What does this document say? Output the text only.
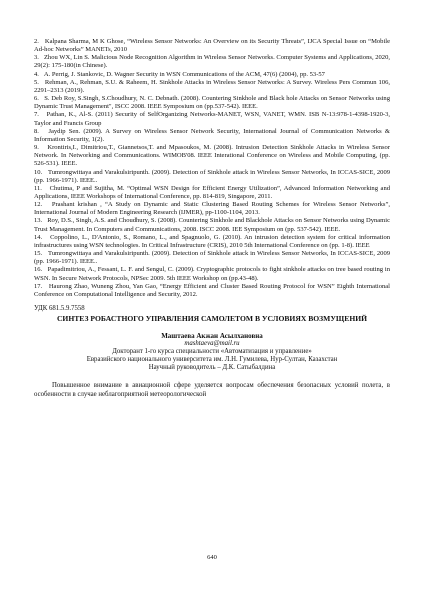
2. Kalpana Sharma, M K Ghose, “Wireless Sensor Networks: An Overview on its Security Threats”, IJCA Special Issue on “Mobile Ad-hoc Networks” MANETs, 2010
3. Zhou WX, Lin S. Malicious Node Recognition Algorithm in Wireless Sensor Networks. Computer Systems and Applications, 2020, 29(2): 175-180(in Chinese).
4. A. Perrig, J. Stankovic, D. Wagner Security in WSN Communications of the ACM, 47(6) (2004), pp. 53-57
5. Rehman, A., Rehman, S.U. & Raheem, H. Sinkhole Attacks in Wireless Sensor Networks: A Survey. Wireless Pers Commun 106, 2291–2313 (2019).
6. S. Deb Roy, S.Singh, S.Choudhury, N. C. Debnath. (2008). Countering Sinkhole and Black hole Attacks on Sensor Networks using Dynamic Trust Management", ISCC 2008. IEEE Symposium on (pp.537-542). IEEE.
7. Pathan, K., Al-S. (2011) Security of SelfOrganizing Networks-MANET, WSN, VANET, WMN. ISB N-13:978-1-4398-1920-3, Taylor and Francis Group
8. Jaydip Sen. (2009). A Survey on Wireless Sensor Network Security, International Journal of Communication Networks & Information Security, 1(2).
9. Krontiris,I., Dimitriou,T., Giannetsos,T. and Mpasoukos, M. (2008). Intrusion Detection Sinkhole Attacks in Wireless Sensor Network. In Networking and Communications. WIMOB'08. IEEE Interational Conference on Wireless and Mobile Computing, (pp. 526-531). IEEE.
10. Tumrongwittaya and Varakulsiripunth. (2009). Detection of Sinkhole attack in Wireless Sensor Networks, In ICCAS-SICE, 2009 (pp. 1966-1971). IEEE..
11. Chutima, P and Sujitha, M. “Optimal WSN Design for Efficient Energy Utilization”, Advanced Information Networking and Applications, IEEE Workshops of International Conference, pp. 814-819, Singapore, 2011.
12. Prashant krishan , “A Study on Dynamic and Static Clustering Based Routing Schemes for Wireless Sensor Networks”, International Journal of Modern Engineering Research (IJMER), pp-1100-1104, 2013.
13. Roy, D.S., Singh, A.S. and Choudhury, S. (2008). Countering Sinkhole and Blackhole Attacks on Sensor Networks using Dynamic Trust Management. In Computers and Communications, 2008. ISCC 2008. IEE Symposium on (pp. 537-542). IEEE.
14. Coppolino, L., D'Antonio, S., Romano, L., and Spagnuolo, G. (2010). An intrusion detection system for critical information infrastructures using WSN technologies. In Critical Infrastructure (CRIS), 2010 5th International Conference on (pp. 1-8). IEEE
15. Tumrongwittaya and Varakulsiripunth. (2009). Detection of Sinkhole attack in Wireless Sensor Networks, In ICCAS-SICE, 2009 (pp. 1966-1971). IEEE..
16. Papadimitriou, A., Fessant, L. F. and Sengul, C. (2009). Cryptographic protocols to fight sinkhole attacks on tree based routing in WSN. In Secure Network Protocols, NPSec 2009. 5th IEEE Workshop on (pp.43-48).
17. Haurong Zhao, Wuneng Zhou, Yan Gao, “Energy Efficient and Cluster Based Routing Protocol for WSN” Eighth International Conference on Computational Intelligence and Security, 2012.
УДК 681.5.9.7558
СИНТЕЗ РОБАСТНОГО УПРАВЛЕНИЯ САМОЛЕТОМ В УСЛОВИЯХ ВОЗМУЩЕНИЙ
Маштаева Акжан Асылхановна
mashtaeva@mail.ru
Докторант 1-го курса специальности «Автоматизация и управление»
Евразийского национального университета им. Л.Н. Гумилева, Нур-Султан, Казахстан
Научный руководитель – Д.К. Сатыбалдина
Повышенное внимание в авиационной сфере уделяется вопросам обеспечения безопасных условий полета, в особенности в случае неблагоприятной метеорологической
640
